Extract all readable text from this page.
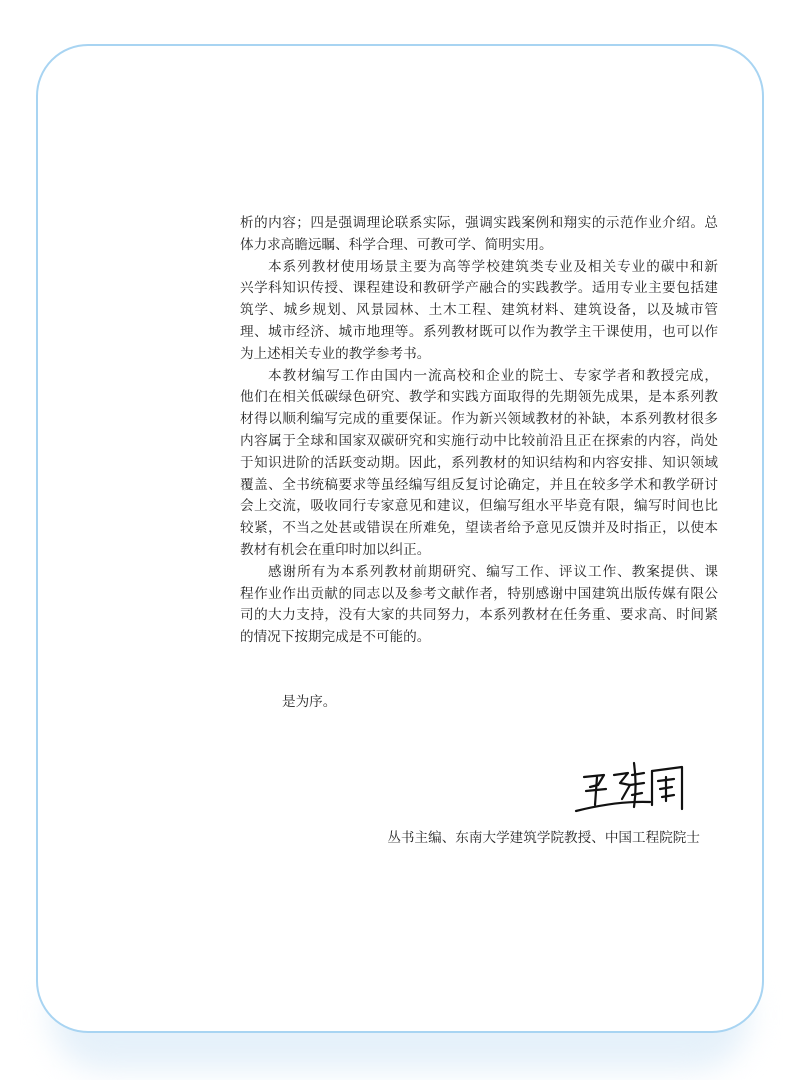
析的内容；四是强调理论联系实际，强调实践案例和翔实的示范作业介绍。总
体力求高瞻远瞩、科学合理、可教可学、简明实用。
本系列教材使用场景主要为高等学校建筑类专业及相关专业的碳中和新
兴学科知识传授、课程建设和教研学产融合的实践教学。适用专业主要包括建
筑学、城乡规划、风景园林、土木工程、建筑材料、建筑设备，以及城市管
理、城市经济、城市地理等。系列教材既可以作为教学主干课使用，也可以作
为上述相关专业的教学参考书。
本教材编写工作由国内一流高校和企业的院士、专家学者和教授完成，
他们在相关低碳绿色研究、教学和实践方面取得的先期领先成果，是本系列教
材得以顺利编写完成的重要保证。作为新兴领域教材的补缺，本系列教材很多
内容属于全球和国家双碳研究和实施行动中比较前沿且正在探索的内容，尚处
于知识进阶的活跃变动期。因此，系列教材的知识结构和内容安排、知识领域
覆盖、全书统稿要求等虽经编写组反复讨论确定，并且在较多学术和教学研讨
会上交流，吸收同行专家意见和建议，但编写组水平毕竟有限，编写时间也比
较紧，不当之处甚或错误在所难免，望读者给予意见反馈并及时指正，以使本
教材有机会在重印时加以纠正。
感谢所有为本系列教材前期研究、编写工作、评议工作、教案提供、课
程作业作出贡献的同志以及参考文献作者，特别感谢中国建筑出版传媒有限公
司的大力支持，没有大家的共同努力，本系列教材在任务重、要求高、时间紧
的情况下按期完成是不可能的。
是为序。
丛书主编、东南大学建筑学院教授、中国工程院院士
